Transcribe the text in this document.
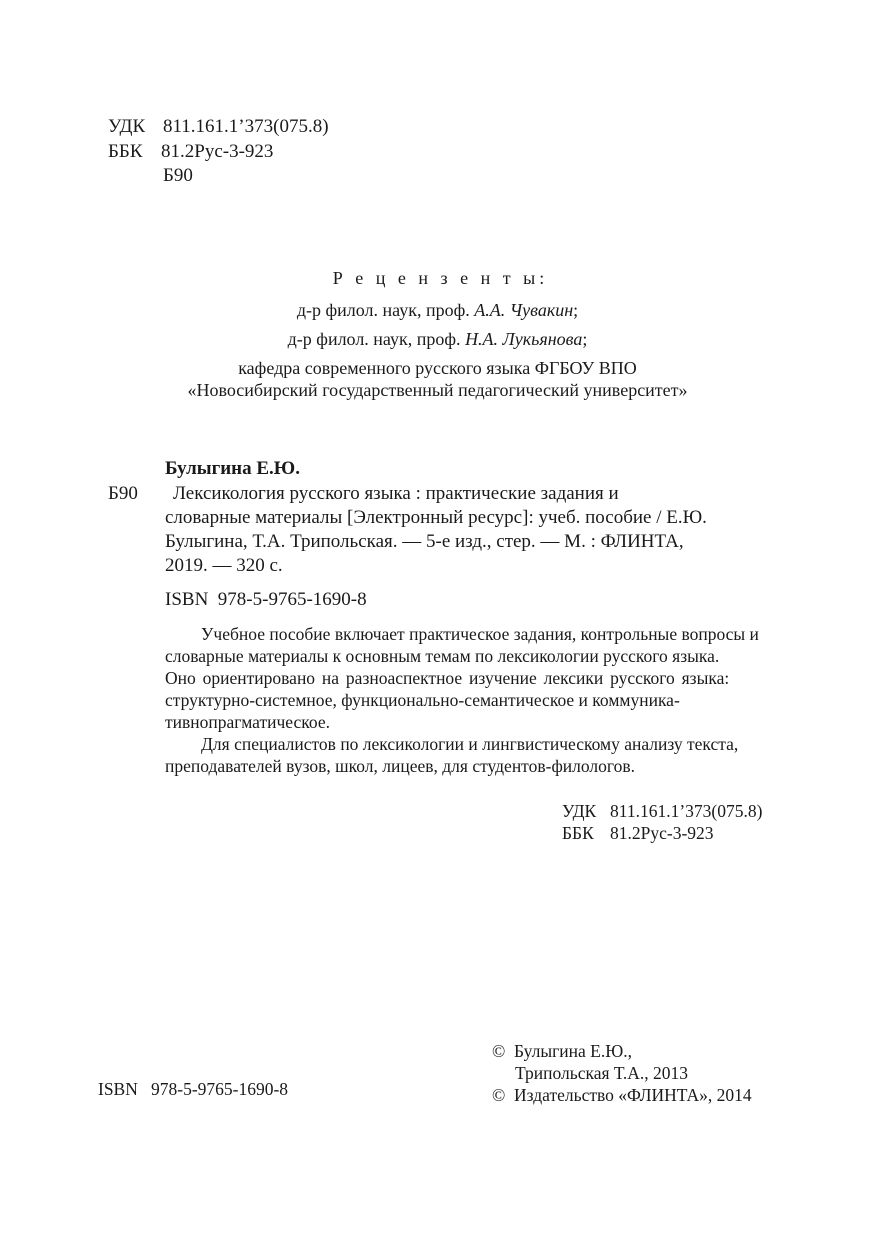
УДК 811.161.1’373(075.8)
ББК 81.2Рус-3-923
Б90
Р е ц е н з е н т ы:
д-р филол. наук, проф. А.А. Чувакин;
д-р филол. наук, проф. Н.А. Лукьянова;
кафедра современного русского языка ФГБОУ ВПО
«Новосибирский государственный педагогический университет»
Булыгина Е.Ю.
Б90 Лексикология русского языка : практические задания и
словарные материалы [Электронный ресурс]: учеб. пособие / Е.Ю.
Булыгина, Т.А. Трипольская. — 5-е изд., стер. — М. : ФЛИНТА,
2019. — 320 с.
ISBN  978-5-9765-1690-8
Учебное пособие включает практическое задания, контрольные вопросы и
словарные материалы к основным темам по лексикологии русского языка.
Оно ориентировано на разноаспектное изучение лексики русского языка:
структурно-системное, функционально-семантическое и коммуника-
тивнопрагматическое.
Для специалистов по лексикологии и лингвистическому анализу текста,
преподавателей вузов, школ, лицеев, для студентов-филологов.
УДК 811.161.1’373(075.8)
ББК 81.2Рус-3-923
ISBN   978-5-9765-1690-8
©  Булыгина Е.Ю.,
Трипольская Т.А., 2013
©  Издательство «ФЛИНТА», 2014
